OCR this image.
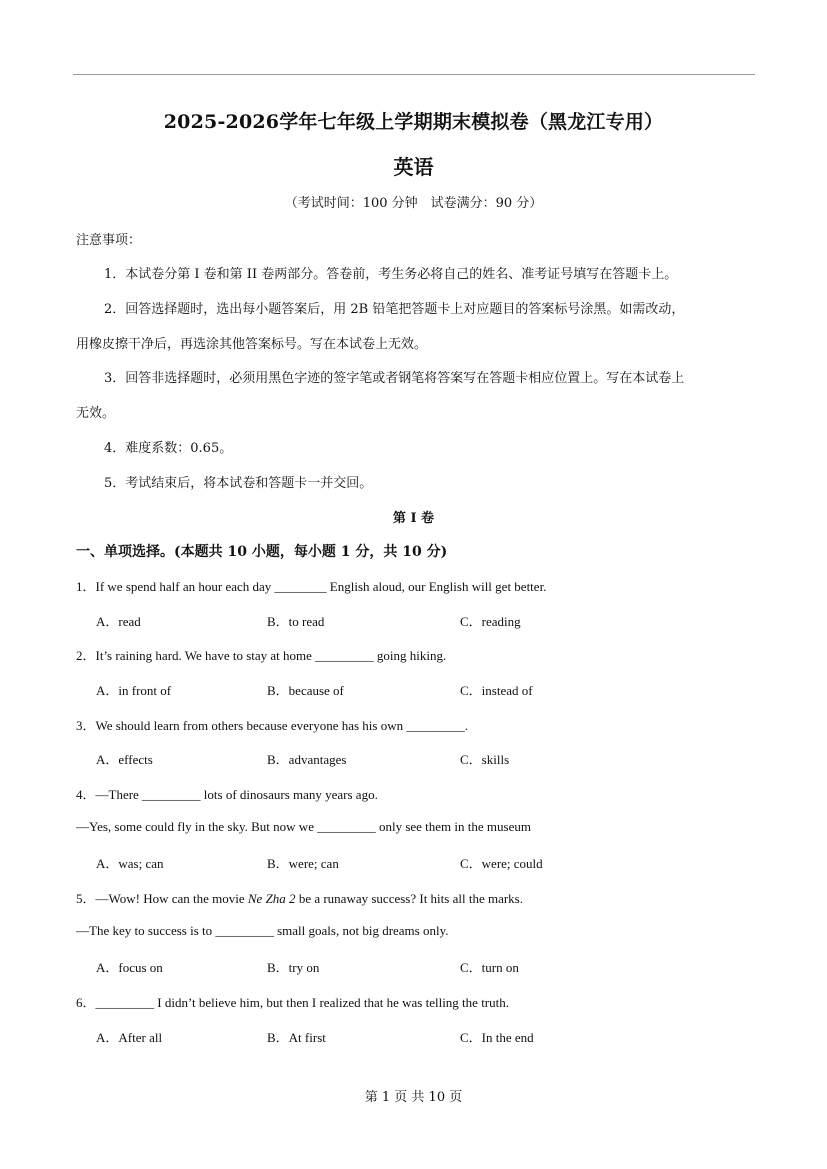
2025-2026学年七年级上学期期末模拟卷（黑龙江专用）
英语
（考试时间：100 分钟　试卷满分：90 分）
注意事项：
1．本试卷分第 I 卷和第 II 卷两部分。答卷前，考生务必将自己的姓名、准考证号填写在答题卡上。
2．回答选择题时，选出每小题答案后，用 2B 铅笔把答题卡上对应题目的答案标号涂黑。如需改动，
用橡皮擦干净后，再选涂其他答案标号。写在本试卷上无效。
3．回答非选择题时，必须用黑色字迹的签字笔或者钢笔将答案写在答题卡相应位置上。写在本试卷上
无效。
4．难度系数：0.65。
5．考试结束后，将本试卷和答题卡一并交回。
第 I 卷
一、单项选择。(本题共 10 小题，每小题 1 分，共 10 分)
1．If we spend half an hour each day ________ English aloud, our English will get better.
A．read	B．to read	C．reading
2．It’s raining hard. We have to stay at home _________ going hiking.
A．in front of	B．because of	C．instead of
3．We should learn from others because everyone has his own _________.
A．effects	B．advantages	C．skills
4．—There _________ lots of dinosaurs many years ago.
—Yes, some could fly in the sky. But now we _________ only see them in the museum
A．was; can	B．were; can	C．were; could
5．—Wow! How can the movie Ne Zha 2 be a runaway success? It hits all the marks.
—The key to success is to _________ small goals, not big dreams only.
A．focus on	B．try on	C．turn on
6．_________ I didn’t believe him, but then I realized that he was telling the truth.
A．After all	B．At first	C．In the end
第 1 页 共 10 页
